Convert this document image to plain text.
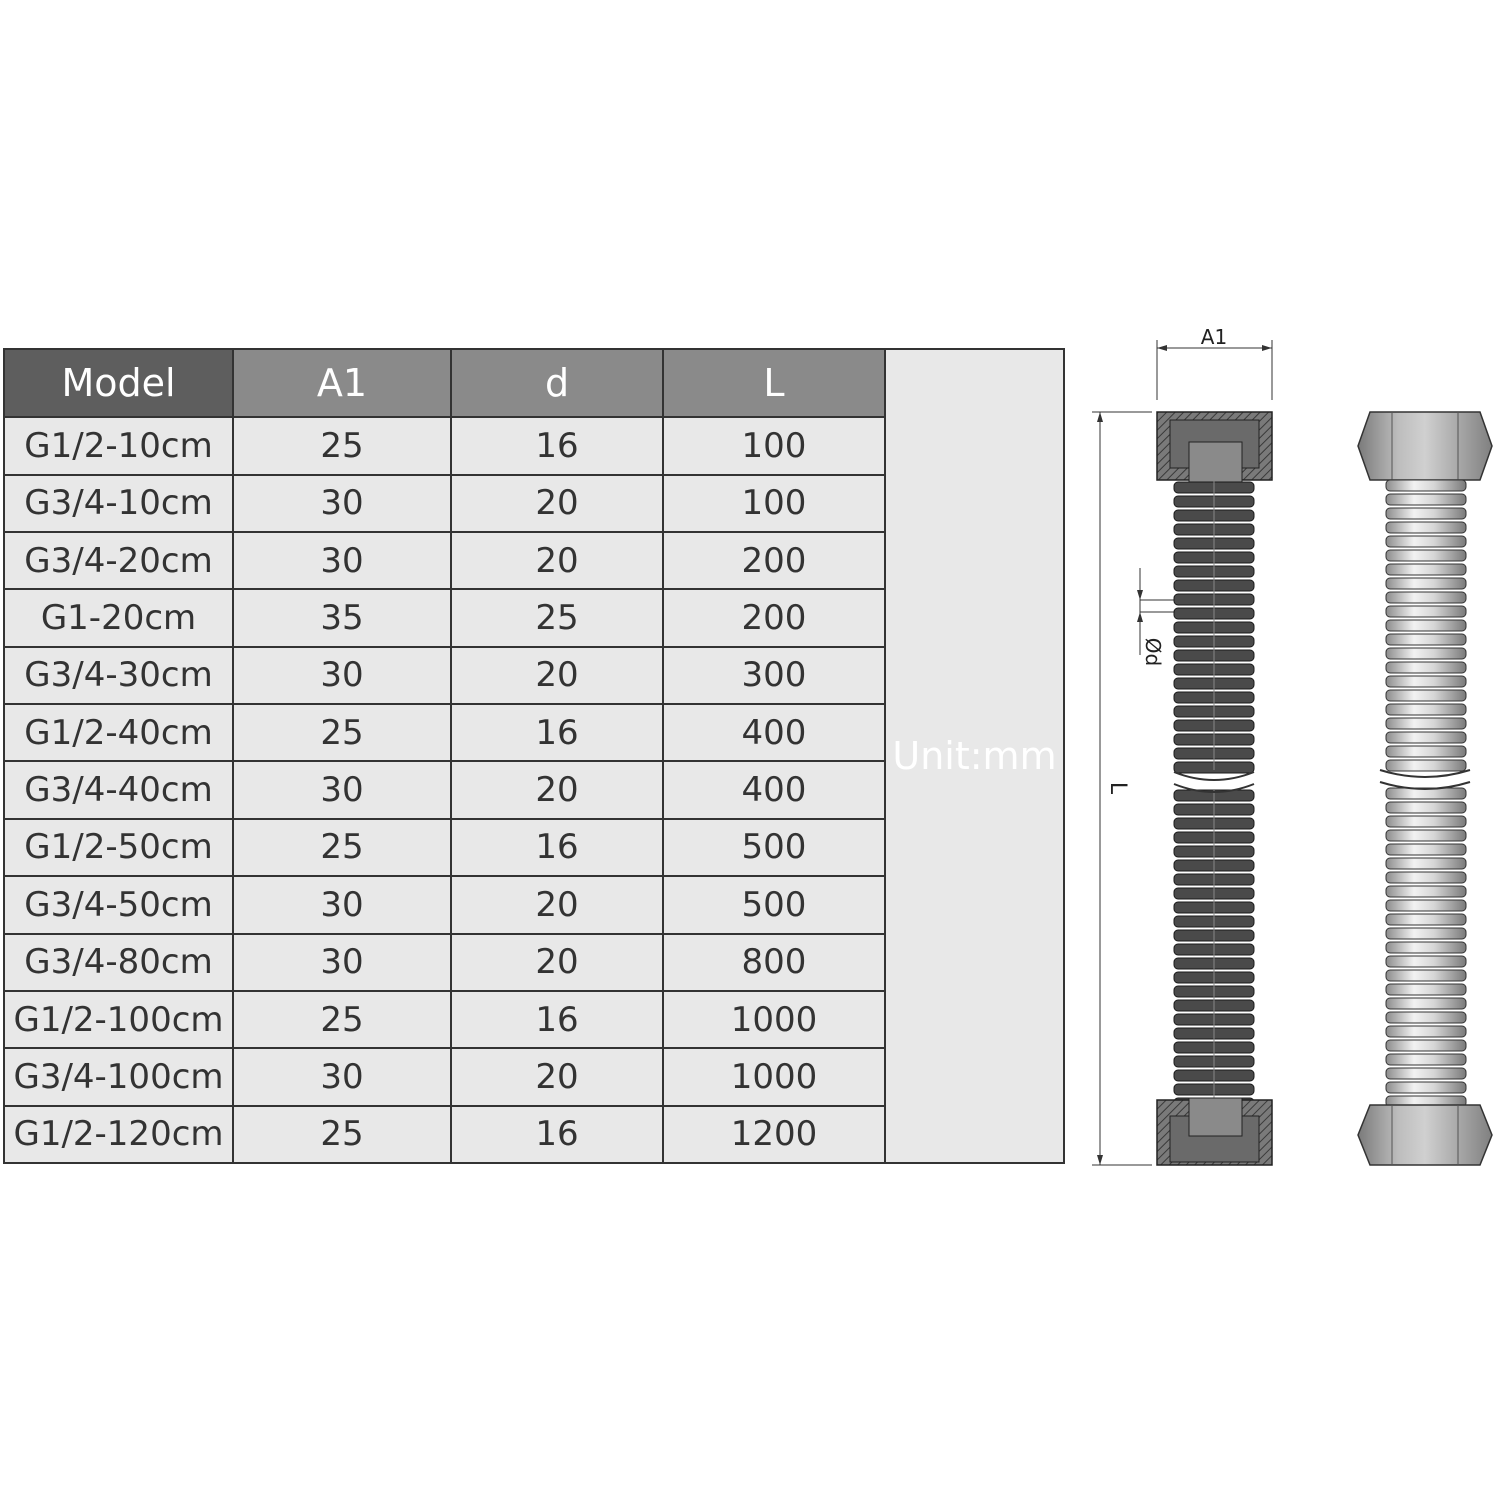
Model	A1	d	L	Unit:mm
G1/2-10cm	25	16	100	
G3/4-10cm	30	20	100	
G3/4-20cm	30	20	200	
G1-20cm	35	25	200	
G3/4-30cm	30	20	300	
G1/2-40cm	25	16	400	
G3/4-40cm	30	20	400	
G1/2-50cm	25	16	500	
G3/4-50cm	30	20	500	
G3/4-80cm	30	20	800	
G1/2-100cm	25	16	1000	
G3/4-100cm	30	20	1000	
G1/2-120cm	25	16	1200	
A1
L
Ød
